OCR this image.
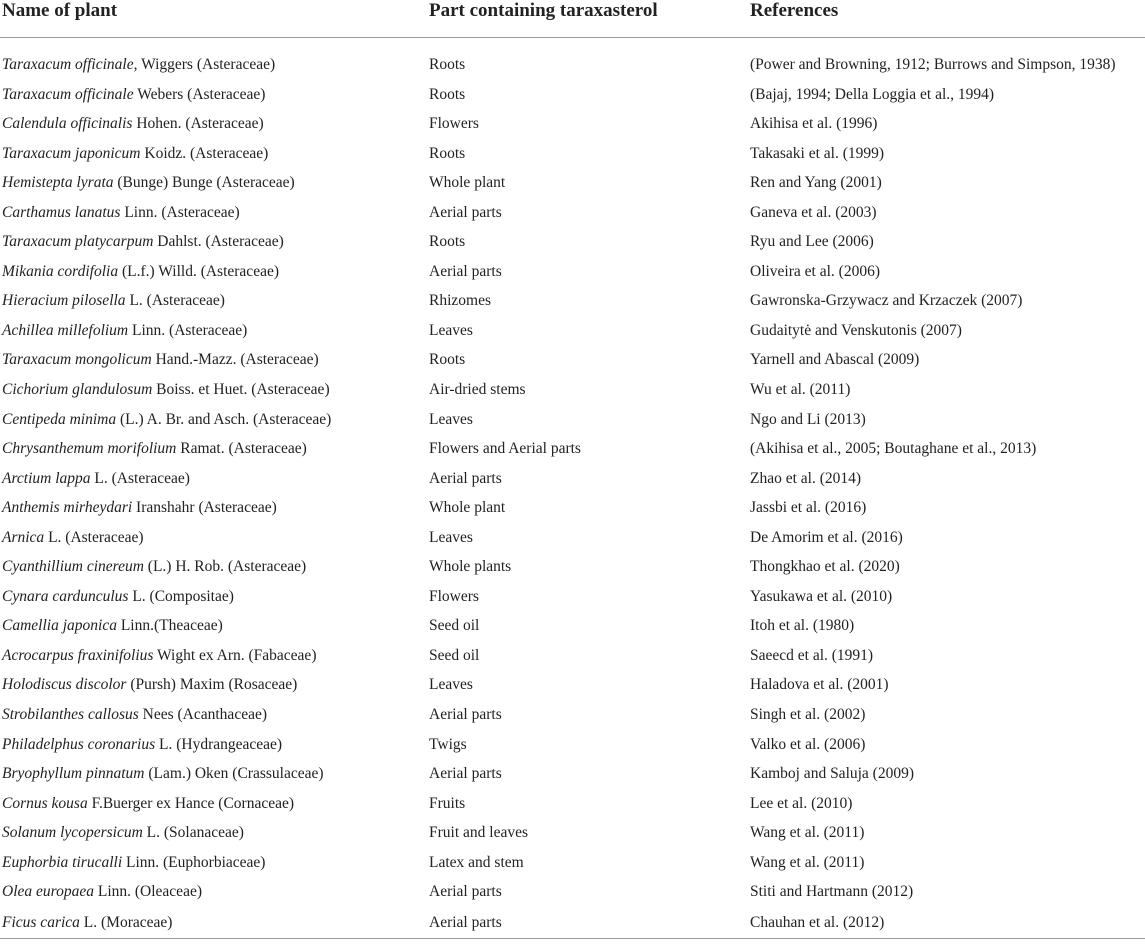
Name of plant	Part containing taraxasterol	References
Taraxacum officinale, Wiggers (Asteraceae)	Roots	(Power and Browning, 1912; Burrows and Simpson, 1938)
Taraxacum officinale Webers (Asteraceae)	Roots	(Bajaj, 1994; Della Loggia et al., 1994)
Calendula officinalis Hohen. (Asteraceae)	Flowers	Akihisa et al. (1996)
Taraxacum japonicum Koidz. (Asteraceae)	Roots	Takasaki et al. (1999)
Hemistepta lyrata (Bunge) Bunge (Asteraceae)	Whole plant	Ren and Yang (2001)
Carthamus lanatus Linn. (Asteraceae)	Aerial parts	Ganeva et al. (2003)
Taraxacum platycarpum Dahlst. (Asteraceae)	Roots	Ryu and Lee (2006)
Mikania cordifolia (L.f.) Willd. (Asteraceae)	Aerial parts	Oliveira et al. (2006)
Hieracium pilosella L. (Asteraceae)	Rhizomes	Gawronska-Grzywacz and Krzaczek (2007)
Achillea millefolium Linn. (Asteraceae)	Leaves	Gudaitytė and Venskutonis (2007)
Taraxacum mongolicum Hand.-Mazz. (Asteraceae)	Roots	Yarnell and Abascal (2009)
Cichorium glandulosum Boiss. et Huet. (Asteraceae)	Air-dried stems	Wu et al. (2011)
Centipeda minima (L.) A. Br. and Asch. (Asteraceae)	Leaves	Ngo and Li (2013)
Chrysanthemum morifolium Ramat. (Asteraceae)	Flowers and Aerial parts	(Akihisa et al., 2005; Boutaghane et al., 2013)
Arctium lappa L. (Asteraceae)	Aerial parts	Zhao et al. (2014)
Anthemis mirheydari Iranshahr (Asteraceae)	Whole plant	Jassbi et al. (2016)
Arnica L. (Asteraceae)	Leaves	De Amorim et al. (2016)
Cyanthillium cinereum (L.) H. Rob. (Asteraceae)	Whole plants	Thongkhao et al. (2020)
Cynara cardunculus L. (Compositae)	Flowers	Yasukawa et al. (2010)
Camellia japonica Linn.(Theaceae)	Seed oil	Itoh et al. (1980)
Acrocarpus fraxinifolius Wight ex Arn. (Fabaceae)	Seed oil	Saeecd et al. (1991)
Holodiscus discolor (Pursh) Maxim (Rosaceae)	Leaves	Haladova et al. (2001)
Strobilanthes callosus Nees (Acanthaceae)	Aerial parts	Singh et al. (2002)
Philadelphus coronarius L. (Hydrangeaceae)	Twigs	Valko et al. (2006)
Bryophyllum pinnatum (Lam.) Oken (Crassulaceae)	Aerial parts	Kamboj and Saluja (2009)
Cornus kousa F.Buerger ex Hance (Cornaceae)	Fruits	Lee et al. (2010)
Solanum lycopersicum L. (Solanaceae)	Fruit and leaves	Wang et al. (2011)
Euphorbia tirucalli Linn. (Euphorbiaceae)	Latex and stem	Wang et al. (2011)
Olea europaea Linn. (Oleaceae)	Aerial parts	Stiti and Hartmann (2012)
Ficus carica L. (Moraceae)	Aerial parts	Chauhan et al. (2012)
